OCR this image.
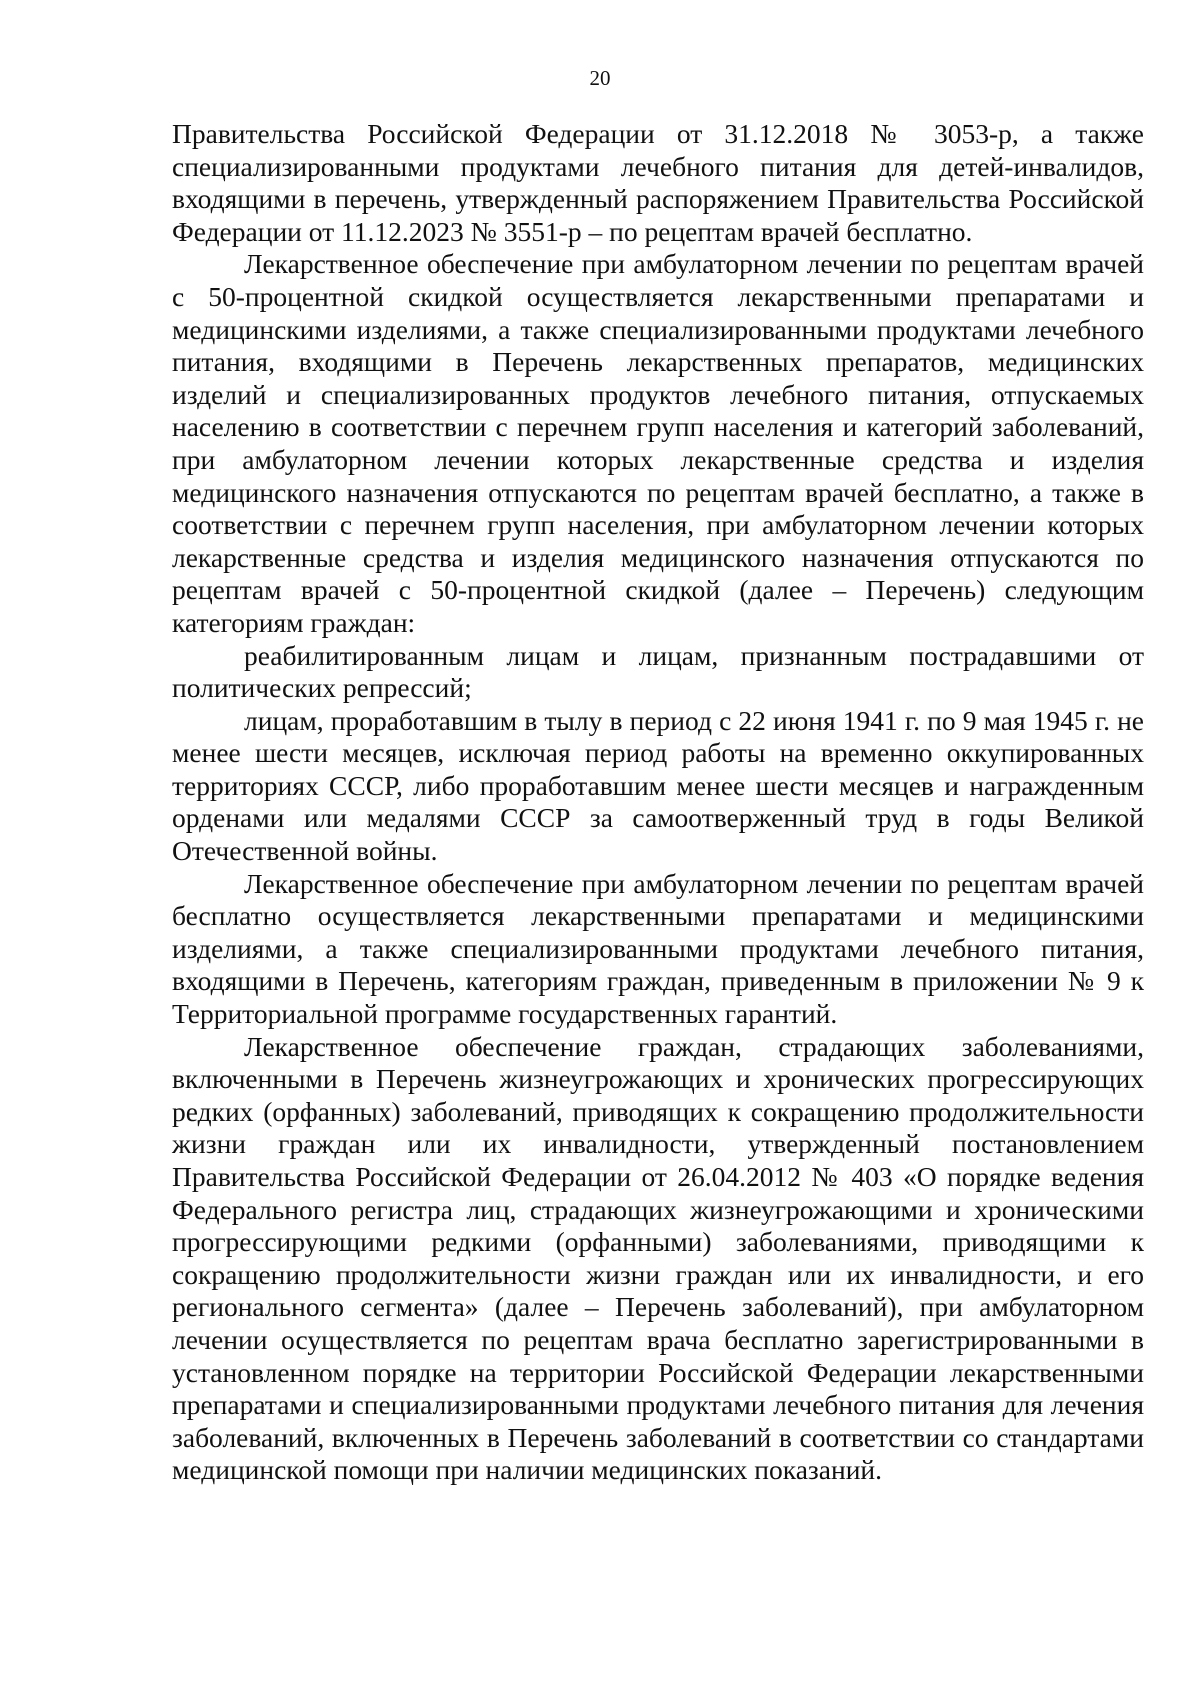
20

Правительства Российской Федерации от 31.12.2018 № 3053-р, а также специализированными продуктами лечебного питания для детей-инвалидов, входящими в перечень, утвержденный распоряжением Правительства Российской Федерации от 11.12.2023 № 3551-р – по рецептам врачей бесплатно.

Лекарственное обеспечение при амбулаторном лечении по рецептам врачей с 50-процентной скидкой осуществляется лекарственными препаратами и медицинскими изделиями, а также специализированными продуктами лечебного питания, входящими в Перечень лекарственных препаратов, медицинских изделий и специализированных продуктов лечебного питания, отпускаемых населению в соответствии с перечнем групп населения и категорий заболеваний, при амбулаторном лечении которых лекарственные средства и изделия медицинского назначения отпускаются по рецептам врачей бесплатно, а также в соответствии с перечнем групп населения, при амбулаторном лечении которых лекарственные средства и изделия медицинского назначения отпускаются по рецептам врачей с 50-процентной скидкой (далее – Перечень) следующим категориям граждан:

реабилитированным лицам и лицам, признанным пострадавшими от политических репрессий;

лицам, проработавшим в тылу в период с 22 июня 1941 г. по 9 мая 1945 г. не менее шести месяцев, исключая период работы на временно оккупированных территориях СССР, либо проработавшим менее шести месяцев и награжденным орденами или медалями СССР за самоотверженный труд в годы Великой Отечественной войны.

Лекарственное обеспечение при амбулаторном лечении по рецептам врачей бесплатно осуществляется лекарственными препаратами и медицинскими изделиями, а также специализированными продуктами лечебного питания, входящими в Перечень, категориям граждан, приведенным в приложении № 9 к Территориальной программе государственных гарантий.

Лекарственное обеспечение граждан, страдающих заболеваниями, включенными в Перечень жизнеугрожающих и хронических прогрессирующих редких (орфанных) заболеваний, приводящих к сокращению продолжительности жизни граждан или их инвалидности, утвержденный постановлением Правительства Российской Федерации от 26.04.2012 № 403 «О порядке ведения Федерального регистра лиц, страдающих жизнеугрожающими и хроническими прогрессирующими редкими (орфанными) заболеваниями, приводящими к сокращению продолжительности жизни граждан или их инвалидности, и его регионального сегмента» (далее – Перечень заболеваний), при амбулаторном лечении осуществляется по рецептам врача бесплатно зарегистрированными в установленном порядке на территории Российской Федерации лекарственными препаратами и специализированными продуктами лечебного питания для лечения заболеваний, включенных в Перечень заболеваний в соответствии со стандартами медицинской помощи при наличии медицинских показаний.
